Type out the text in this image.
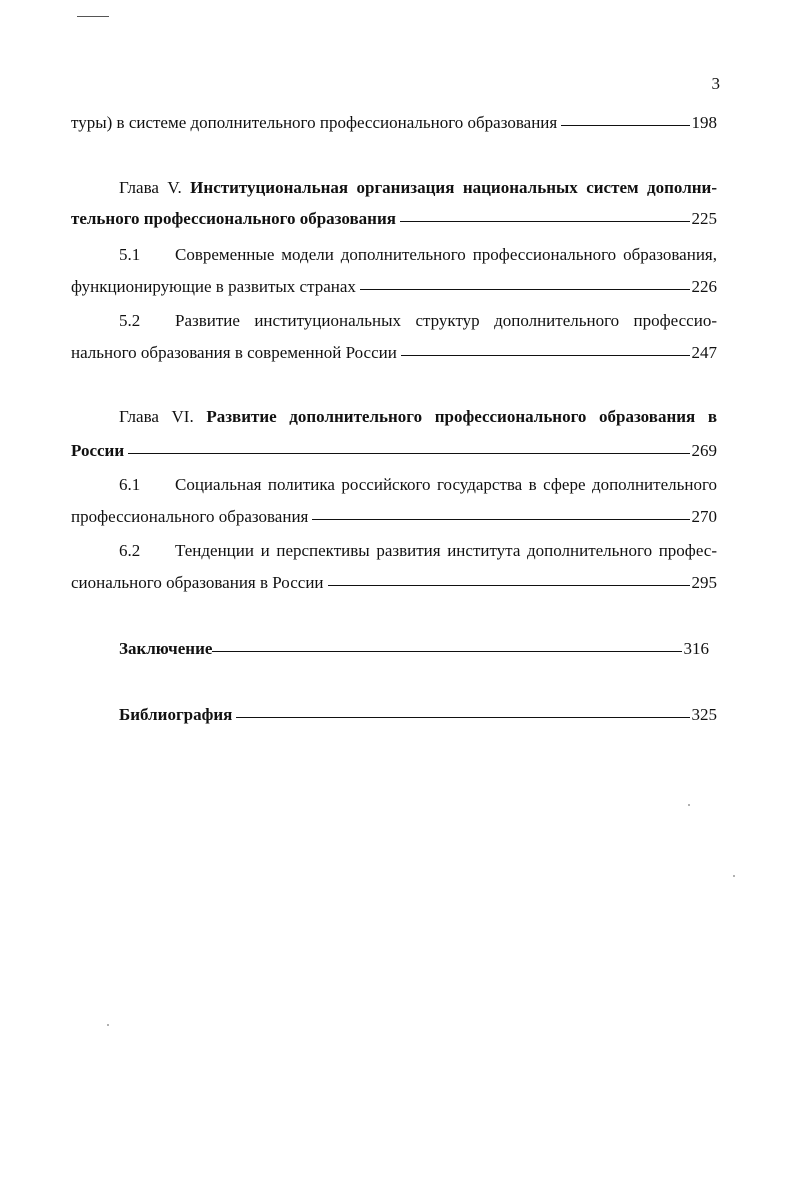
3
туры) в системе дополнительного профессионального образования	198
Глава V. Институциональная организация национальных систем дополни-
тельного профессионального образования	225
5.1 Современные модели дополнительного профессионального образования,
функционирующие в развитых странах	226
5.2 Развитие институциональных структур дополнительного профессио-
нального образования в современной России	247
Глава VI. Развитие дополнительного профессионального образования в
России	269
6.1 Социальная политика российского государства в сфере дополнительного
профессионального образования	270
6.2 Тенденции и перспективы развития института дополнительного профес-
сионального образования в России	295
Заключение	316
Библиография	325
